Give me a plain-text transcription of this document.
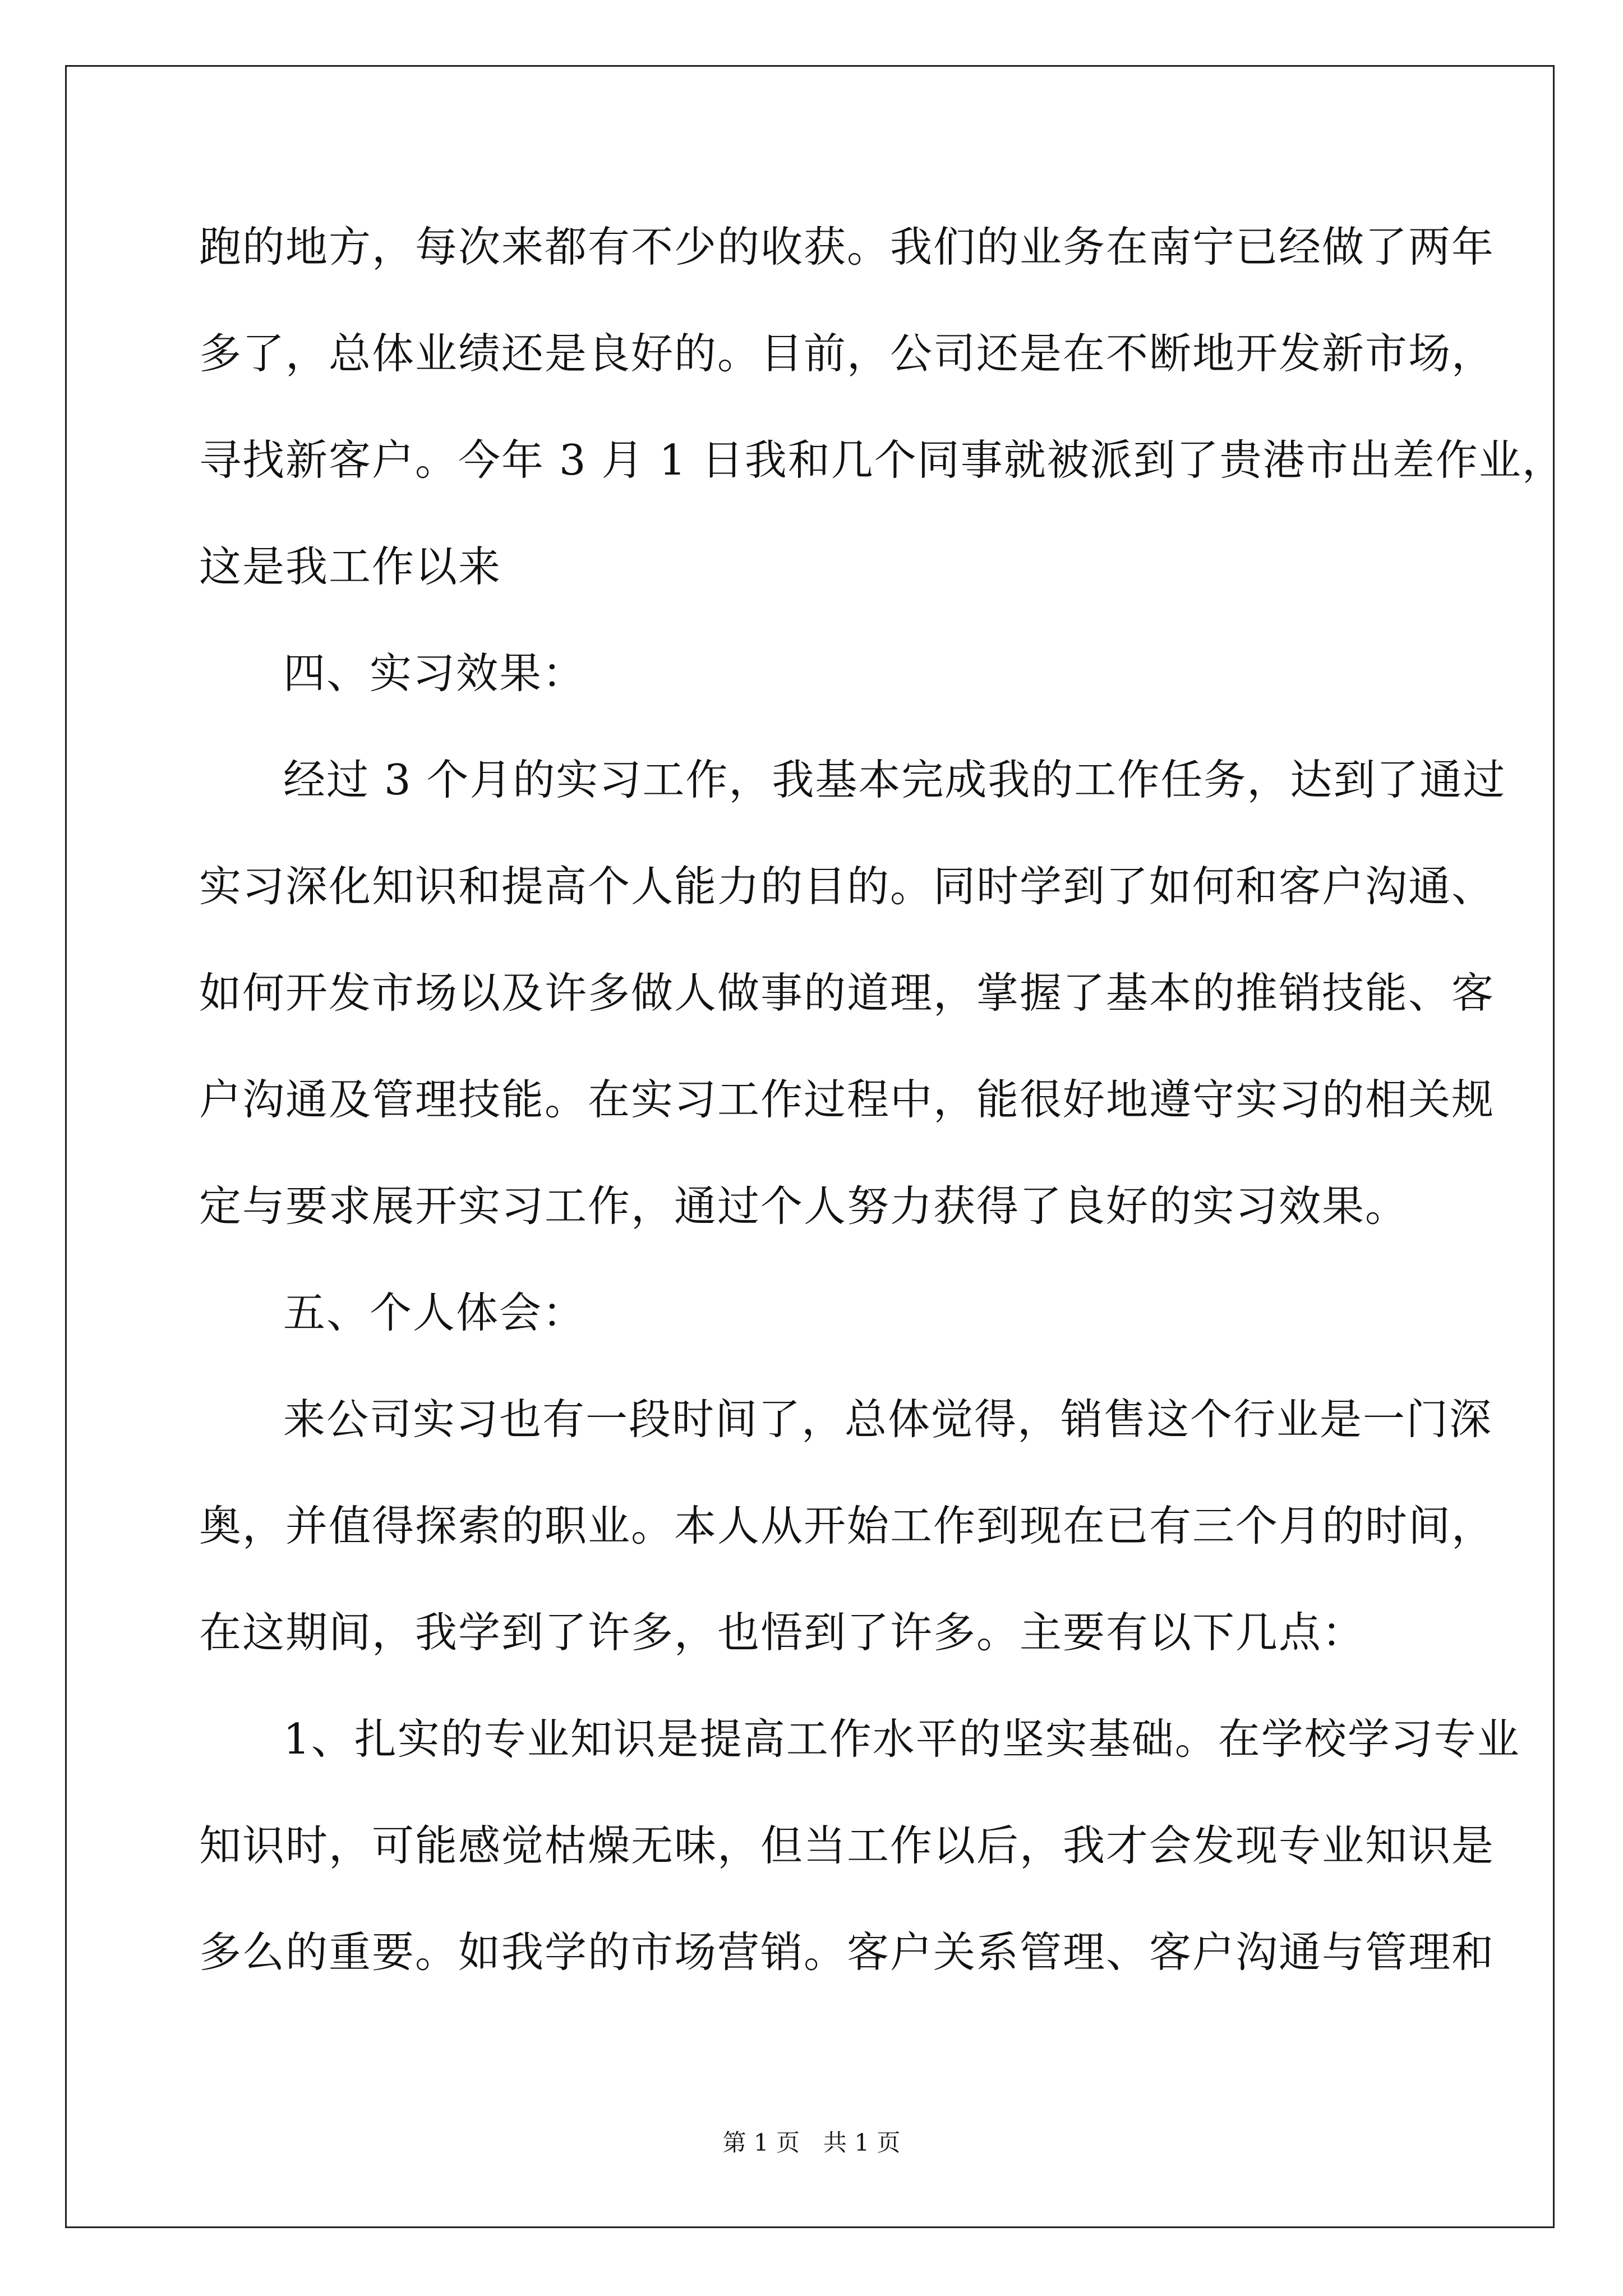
跑的地方，每次来都有不少的收获。我们的业务在南宁已经做了两年
多了，总体业绩还是良好的。目前，公司还是在不断地开发新市场，
寻找新客户。今年 3 月 1 日我和几个同事就被派到了贵港市出差作业，
这是我工作以来
四、实习效果：
经过 3 个月的实习工作，我基本完成我的工作任务，达到了通过
实习深化知识和提高个人能力的目的。同时学到了如何和客户沟通、
如何开发市场以及许多做人做事的道理，掌握了基本的推销技能、客
户沟通及管理技能。在实习工作过程中，能很好地遵守实习的相关规
定与要求展开实习工作，通过个人努力获得了良好的实习效果。
五、个人体会：
来公司实习也有一段时间了，总体觉得，销售这个行业是一门深
奥，并值得探索的职业。本人从开始工作到现在已有三个月的时间，
在这期间，我学到了许多，也悟到了许多。主要有以下几点：
1、扎实的专业知识是提高工作水平的坚实基础。在学校学习专业
知识时，可能感觉枯燥无味，但当工作以后，我才会发现专业知识是
多么的重要。如我学的市场营销。客户关系管理、客户沟通与管理和
第 1 页　共 1 页
